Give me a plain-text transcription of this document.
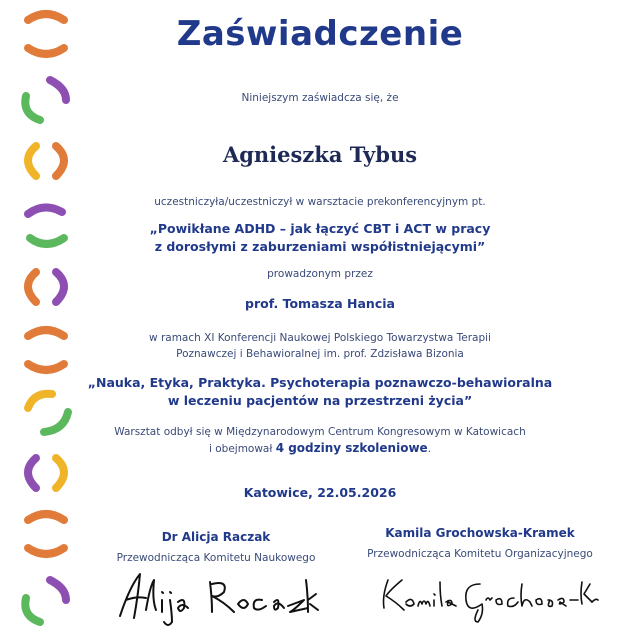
Zaświadczenie
Niniejszym zaświadcza się, że
Agnieszka Tybus
uczestniczyła/uczestniczył w warsztacie prekonferencyjnym pt.
„Powikłane ADHD – jak łączyć CBT i ACT w pracy
z dorosłymi z zaburzeniami współistniejącymi”
prowadzonym przez
prof. Tomasza Hancia
w ramach XI Konferencji Naukowej Polskiego Towarzystwa Terapii
Poznawczej i Behawioralnej im. prof. Zdzisława Bizonia
„Nauka, Etyka, Praktyka. Psychoterapia poznawczo-behawioralna
w leczeniu pacjentów na przestrzeni życia”
Warsztat odbył się w Międzynarodowym Centrum Kongresowym w Katowicach
i obejmował 4 godziny szkoleniowe.
Katowice, 22.05.2026
Dr Alicja Raczak
Przewodnicząca Komitetu Naukowego
Kamila Grochowska-Kramek
Przewodnicząca Komitetu Organizacyjnego
